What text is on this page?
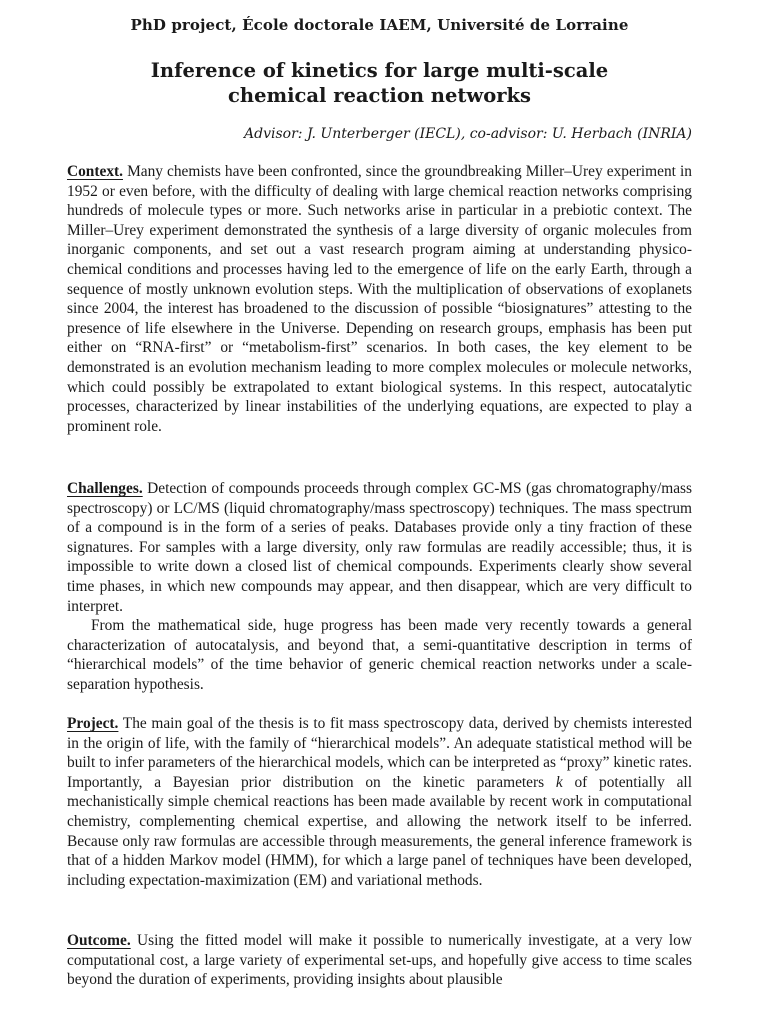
PhD project, École doctorale IAEM, Université de Lorraine
Inference of kinetics for large multi-scale
chemical reaction networks
Advisor: J. Unterberger (IECL), co-advisor: U. Herbach (INRIA)

Context. Many chemists have been confronted, since the groundbreaking Miller–Urey experiment in 1952 or even before, with the difficulty of dealing with large chemical reaction networks comprising hundreds of molecule types or more. Such networks arise in particular in a prebiotic context. The Miller–Urey experiment demonstrated the synthesis of a large diversity of organic molecules from inorganic components, and set out a vast research program aiming at understanding physico-chemical conditions and processes having led to the emergence of life on the early Earth, through a sequence of mostly unknown evolution steps. With the multiplication of observations of exoplanets since 2004, the interest has broadened to the discussion of possible “biosignatures” attesting to the presence of life elsewhere in the Universe. Depending on research groups, emphasis has been put either on “RNA-first” or “metabolism-first” scenarios. In both cases, the key element to be demonstrated is an evolution mechanism leading to more complex molecules or molecule networks, which could possibly be extrapolated to extant biological systems. In this respect, autocatalytic processes, characterized by linear instabilities of the underlying equations, are expected to play a prominent role.

Challenges. Detection of compounds proceeds through complex GC-MS (gas chromatography/mass spectroscopy) or LC/MS (liquid chromatography/mass spectroscopy) techniques. The mass spectrum of a compound is in the form of a series of peaks. Databases provide only a tiny fraction of these signatures. For samples with a large diversity, only raw formulas are readily accessible; thus, it is impossible to write down a closed list of chemical compounds. Experiments clearly show several time phases, in which new compounds may appear, and then disappear, which are very difficult to interpret.

From the mathematical side, huge progress has been made very recently towards a general characterization of autocatalysis, and beyond that, a semi-quantitative description in terms of “hierarchical models” of the time behavior of generic chemical reaction networks under a scale-separation hypothesis.

Project. The main goal of the thesis is to fit mass spectroscopy data, derived by chemists interested in the origin of life, with the family of “hierarchical models”. An adequate statistical method will be built to infer parameters of the hierarchical models, which can be interpreted as “proxy” kinetic rates. Importantly, a Bayesian prior distribution on the kinetic parameters k of potentially all mechanistically simple chemical reactions has been made available by recent work in computational chemistry, complementing chemical expertise, and allowing the network itself to be inferred. Because only raw formulas are accessible through measurements, the general inference framework is that of a hidden Markov model (HMM), for which a large panel of techniques have been developed, including expectation-maximization (EM) and variational methods.

Outcome. Using the fitted model will make it possible to numerically investigate, at a very low computational cost, a large variety of experimental set-ups, and hopefully give access to time scales beyond the duration of experiments, providing insights about plausible
